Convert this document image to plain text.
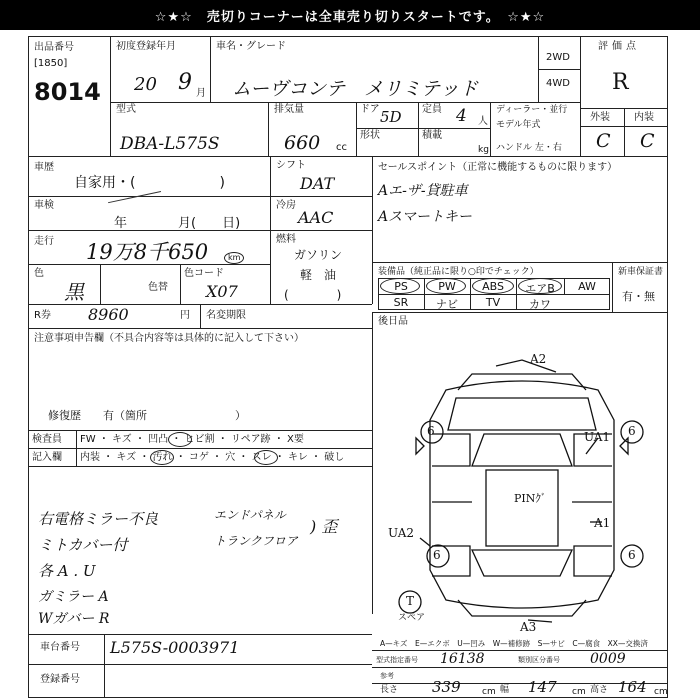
☆★☆　売切りコーナーは全車売り切りスタートです。　☆★☆
出品番号
[1850]
8014
初度登録年月
20 9 月
車名・グレード
ムーヴコンテ　メリミテッド
2WD
4WD
評価点
R
型式
DBA-L575S
排気量
660 cc
ドア 5D
形状
定員 4 人
積載
kg
ディーラー・並行
モデル年式
ハンドル 左・右
外装 内装
C C
車歴
自家用・(　　　　　　)
車検
年	月(　　日)
走行 19万8千650 km
色
黒	色替
色コード
X07
シフト
DAT
冷房
AAC
燃料
ガソリン
軽　油
(　　　　)
セールスポイント（正常に機能するものに限ります）
Aエ-ザ-貸駐車
Aスマートキー
装備品（純正品に限り○印でチェック）	新車保証書
有・無
PS	PW	ABS	エアB	AW
SR	ナビ	TV	カワ
R券 8960	円 名変期限
後日品
注意事項申告欄（不具合内容等は具体的に記入して下さい）
修復歴　　有（箇所　　　　　　　　）
検査員
記入欄
FW ・ キズ ・ 凹凸 ・ ヒビ割 ・ リペア跡 ・ X要
内装 ・ キズ ・ 汚れ ・ コゲ ・ 穴 ・ スレ ・ キレ ・ 破し
右電格ミラー不良
ミトカバー付
各 A . U
ガミラー A
Wガバー R
エンドパネル
トランクフロア
) 歪
車台番号 L575S-0003971
登録番号
A2
UA1
A1
UA2
PINｸﾞ
A3
6	6
6	6
T
スペア
A—キズ　E—エクボ　U—凹み　W—補修跡　S—サビ　C—腐食　XX—交換済
型式指定番号 16138	類別区分番号 0009
参考
長さ 339 cm 幅 147 cm 高さ 164 cm
